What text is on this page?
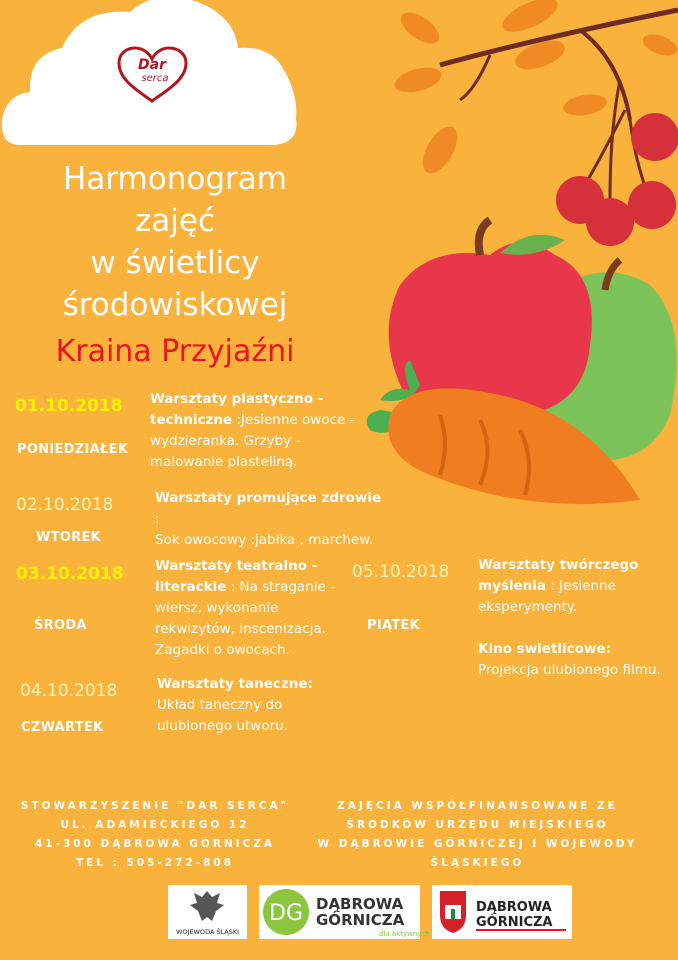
Dar
serca
Harmonogram
zajęć
w świetlicy
środowiskowej
Kraina Przyjaźni
01.10.2018
PONIEDZIAŁEK
Warsztaty plastyczno -
techniczne :Jesienne owoce -
wydzieranka. Grzyby -
malowanie plasteliną.
02.10.2018
WTOREK
Warsztaty promujące zdrowie :
Sok owocowy :jabłka , marchew.
03.10.2018
ŚRODA
Warsztaty teatralno -
literackie : Na straganie -
wiersz, wykonanie
rekwizytów, inscenizacja.
Zagadki o owocach.
04.10.2018
CZWARTEK
Warsztaty taneczne:
Układ taneczny do
ulubionego utworu.
05.10.2018
PIĄTEK
Warsztaty twórczego
myślenia : Jesienne
eksperymenty.

Kino swietlicowe:
Projekcja ulubionego filmu.
STOWARZYSZENIE "DAR SERCA"
UL. ADAMIECKIEGO 12
41-300 DĄBROWA GÓRNICZA
TEL : 505-272-808
ZAJĘCIA WSPÓŁFINANSOWANE ZE
ŚRODKÓW URZĘDU MIEJSKIEGO
W DĄBROWIE GÓRNICZEJ I WOJEWODY
ŚLĄSKIEGO
WOJEWODA ŚLĄSKI
DG DĄBROWA
GÓRNICZA
dla aktywnych
DĄBROWA
GÓRNICZA
